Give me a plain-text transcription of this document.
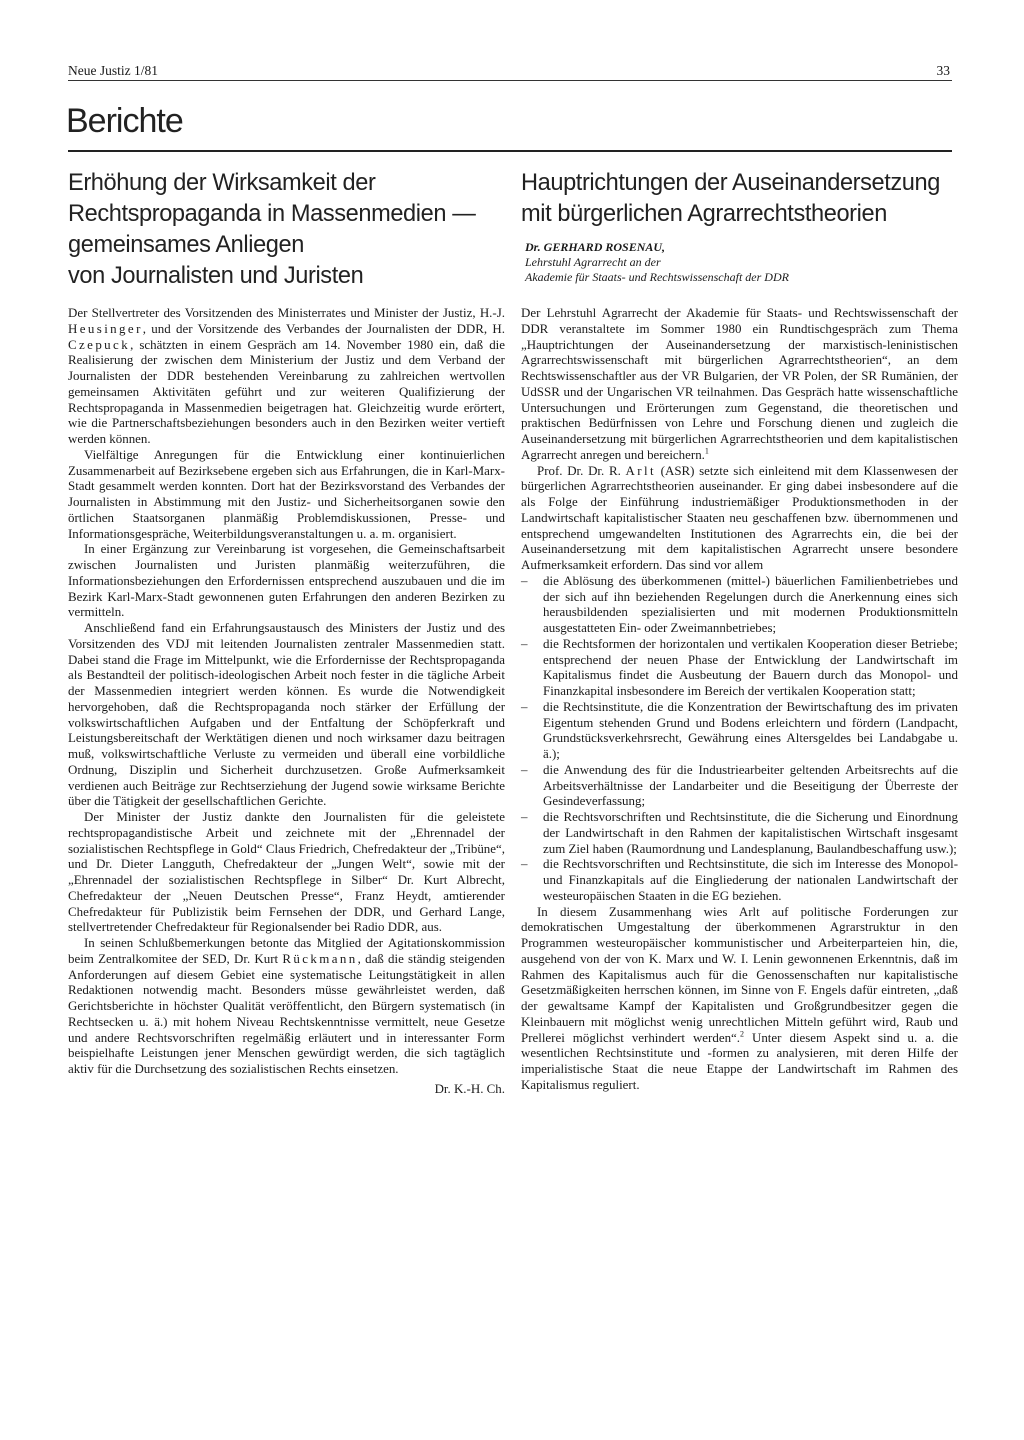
Neue Justiz 1/81	33
Berichte
Erhöhung der Wirksamkeit der
Rechtspropaganda in Massenmedien —
gemeinsames Anliegen
von Journalisten und Juristen

Der Stellvertreter des Vorsitzenden des Ministerrates und Minister der Justiz, H.-J. Heusinger, und der Vorsitzende des Verbandes der Journalisten der DDR, H. Czepuck, schätzten in einem Gespräch am 14. November 1980 ein, daß die Realisierung der zwischen dem Ministerium der Justiz und dem Verband der Journalisten der DDR bestehenden Vereinbarung zu zahlreichen wertvollen gemeinsamen Aktivitäten geführt und zur weiteren Qualifizierung der Rechtspropaganda in Massenmedien beigetragen hat. Gleichzeitig wurde erörtert, wie die Partnerschaftsbeziehungen besonders auch in den Bezirken weiter vertieft werden können.

Vielfältige Anregungen für die Entwicklung einer kontinuierlichen Zusammenarbeit auf Bezirksebene ergeben sich aus Erfahrungen, die in Karl-Marx-Stadt gesammelt werden konnten. Dort hat der Bezirksvorstand des Verbandes der Journalisten in Abstimmung mit den Justiz- und Sicherheitsorganen sowie den örtlichen Staatsorganen planmäßig Problemdiskussionen, Presse- und Informationsgespräche, Weiterbildungsveranstaltungen u. a. m. organisiert.

In einer Ergänzung zur Vereinbarung ist vorgesehen, die Gemeinschaftsarbeit zwischen Journalisten und Juristen planmäßig weiterzuführen, die Informationsbeziehungen den Erfordernissen entsprechend auszubauen und die im Bezirk Karl-Marx-Stadt gewonnenen guten Erfahrungen den anderen Bezirken zu vermitteln.

Anschließend fand ein Erfahrungsaustausch des Ministers der Justiz und des Vorsitzenden des VDJ mit leitenden Journalisten zentraler Massenmedien statt. Dabei stand die Frage im Mittelpunkt, wie die Erfordernisse der Rechtspropaganda als Bestandteil der politisch-ideologischen Arbeit noch fester in die tägliche Arbeit der Massenmedien integriert werden können. Es wurde die Notwendigkeit hervorgehoben, daß die Rechtspropaganda noch stärker der Erfüllung der volkswirtschaftlichen Aufgaben und der Entfaltung der Schöpferkraft und Leistungsbereitschaft der Werktätigen dienen und noch wirksamer dazu beitragen muß, volkswirtschaftliche Verluste zu vermeiden und überall eine vorbildliche Ordnung, Disziplin und Sicherheit durchzusetzen. Große Aufmerksamkeit verdienen auch Beiträge zur Rechtserziehung der Jugend sowie wirksame Berichte über die Tätigkeit der gesellschaftlichen Gerichte.

Der Minister der Justiz dankte den Journalisten für die geleistete rechtspropagandistische Arbeit und zeichnete mit der „Ehrennadel der sozialistischen Rechtspflege in Gold“ Claus Friedrich, Chefredakteur der „Tribüne“, und Dr. Dieter Langguth, Chefredakteur der „Jungen Welt“, sowie mit der „Ehrennadel der sozialistischen Rechtspflege in Silber“ Dr. Kurt Albrecht, Chefredakteur der „Neuen Deutschen Presse“, Franz Heydt, amtierender Chefredakteur für Publizistik beim Fernsehen der DDR, und Gerhard Lange, stellvertretender Chefredakteur für Regionalsender bei Radio DDR, aus.

In seinen Schlußbemerkungen betonte das Mitglied der Agitationskommission beim Zentralkomitee der SED, Dr. Kurt Rückmann, daß die ständig steigenden Anforderungen auf diesem Gebiet eine systematische Leitungstätigkeit in allen Redaktionen notwendig macht. Besonders müsse gewährleistet werden, daß Gerichtsberichte in höchster Qualität veröffentlicht, den Bürgern systematisch (in Rechtsecken u. ä.) mit hohem Niveau Rechtskenntnisse vermittelt, neue Gesetze und andere Rechtsvorschriften regelmäßig erläutert und in interessanter Form beispielhafte Leistungen jener Menschen gewürdigt werden, die sich tagtäglich aktiv für die Durchsetzung des sozialistischen Rechts einsetzen.

Dr. K.-H. Ch.

Hauptrichtungen der Auseinandersetzung
mit bürgerlichen Agrarrechtstheorien
Dr. GERHARD ROSENAU,
Lehrstuhl Agrarrecht an der
Akademie für Staats- und Rechtswissenschaft der DDR

Der Lehrstuhl Agrarrecht der Akademie für Staats- und Rechtswissenschaft der DDR veranstaltete im Sommer 1980 ein Rundtischgespräch zum Thema „Hauptrichtungen der Auseinandersetzung der marxistisch-leninistischen Agrarrechtswissenschaft mit bürgerlichen Agrarrechtstheorien“, an dem Rechtswissenschaftler aus der VR Bulgarien, der VR Polen, der SR Rumänien, der UdSSR und der Ungarischen VR teilnahmen. Das Gespräch hatte wissenschaftliche Untersuchungen und Erörterungen zum Gegenstand, die theoretischen und praktischen Bedürfnissen von Lehre und Forschung dienen und zugleich die Auseinandersetzung mit bürgerlichen Agrarrechtstheorien und dem kapitalistischen Agrarrecht anregen und bereichern.$^1$

Prof. Dr. Dr. R. Arlt (ASR) setzte sich einleitend mit dem Klassenwesen der bürgerlichen Agrarrechtstheorien auseinander. Er ging dabei insbesondere auf die als Folge der Einführung industriemäßiger Produktionsmethoden in der Landwirtschaft kapitalistischer Staaten neu geschaffenen bzw. übernommenen und entsprechend umgewandelten Institutionen des Agrarrechts ein, die bei der Auseinandersetzung mit dem kapitalistischen Agrarrecht unsere besondere Aufmerksamkeit erfordern. Das sind vor allem

– die Ablösung des überkommenen (mittel-) bäuerlichen Familienbetriebes und der sich auf ihn beziehenden Regelungen durch die Anerkennung eines sich herausbildenden spezialisierten und mit modernen Produktionsmitteln ausgestatteten Ein- oder Zweimannbetriebes;
– die Rechtsformen der horizontalen und vertikalen Kooperation dieser Betriebe; entsprechend der neuen Phase der Entwicklung der Landwirtschaft im Kapitalismus findet die Ausbeutung der Bauern durch das Monopol- und Finanzkapital insbesondere im Bereich der vertikalen Kooperation statt;
– die Rechtsinstitute, die die Konzentration der Bewirtschaftung des im privaten Eigentum stehenden Grund und Bodens erleichtern und fördern (Landpacht, Grundstücksverkehrsrecht, Gewährung eines Altersgeldes bei Landabgabe u. ä.);
– die Anwendung des für die Industriearbeiter geltenden Arbeitsrechts auf die Arbeitsverhältnisse der Landarbeiter und die Beseitigung der Überreste der Gesindeverfassung;
– die Rechtsvorschriften und Rechtsinstitute, die die Sicherung und Einordnung der Landwirtschaft in den Rahmen der kapitalistischen Wirtschaft insgesamt zum Ziel haben (Raumordnung und Landesplanung, Baulandbeschaffung usw.);
– die Rechtsvorschriften und Rechtsinstitute, die sich im Interesse des Monopol- und Finanzkapitals auf die Eingliederung der nationalen Landwirtschaft der westeuropäischen Staaten in die EG beziehen.

In diesem Zusammenhang wies Arlt auf politische Forderungen zur demokratischen Umgestaltung der überkommenen Agrarstruktur in den Programmen westeuropäischer kommunistischer und Arbeiterparteien hin, die, ausgehend von der von K. Marx und W. I. Lenin gewonnenen Erkenntnis, daß im Rahmen des Kapitalismus auch für die Genossenschaften nur kapitalistische Gesetzmäßigkeiten herrschen können, im Sinne von F. Engels dafür eintreten, „daß der gewaltsame Kampf der Kapitalisten und Großgrundbesitzer gegen die Kleinbauern mit möglichst wenig unrechtlichen Mitteln geführt wird, Raub und Prellerei möglichst verhindert werden“.$^2$ Unter diesem Aspekt sind u. a. die wesentlichen Rechtsinstitute und -formen zu analysieren, mit deren Hilfe der imperialistische Staat die neue Etappe der Landwirtschaft im Rahmen des Kapitalismus reguliert.
